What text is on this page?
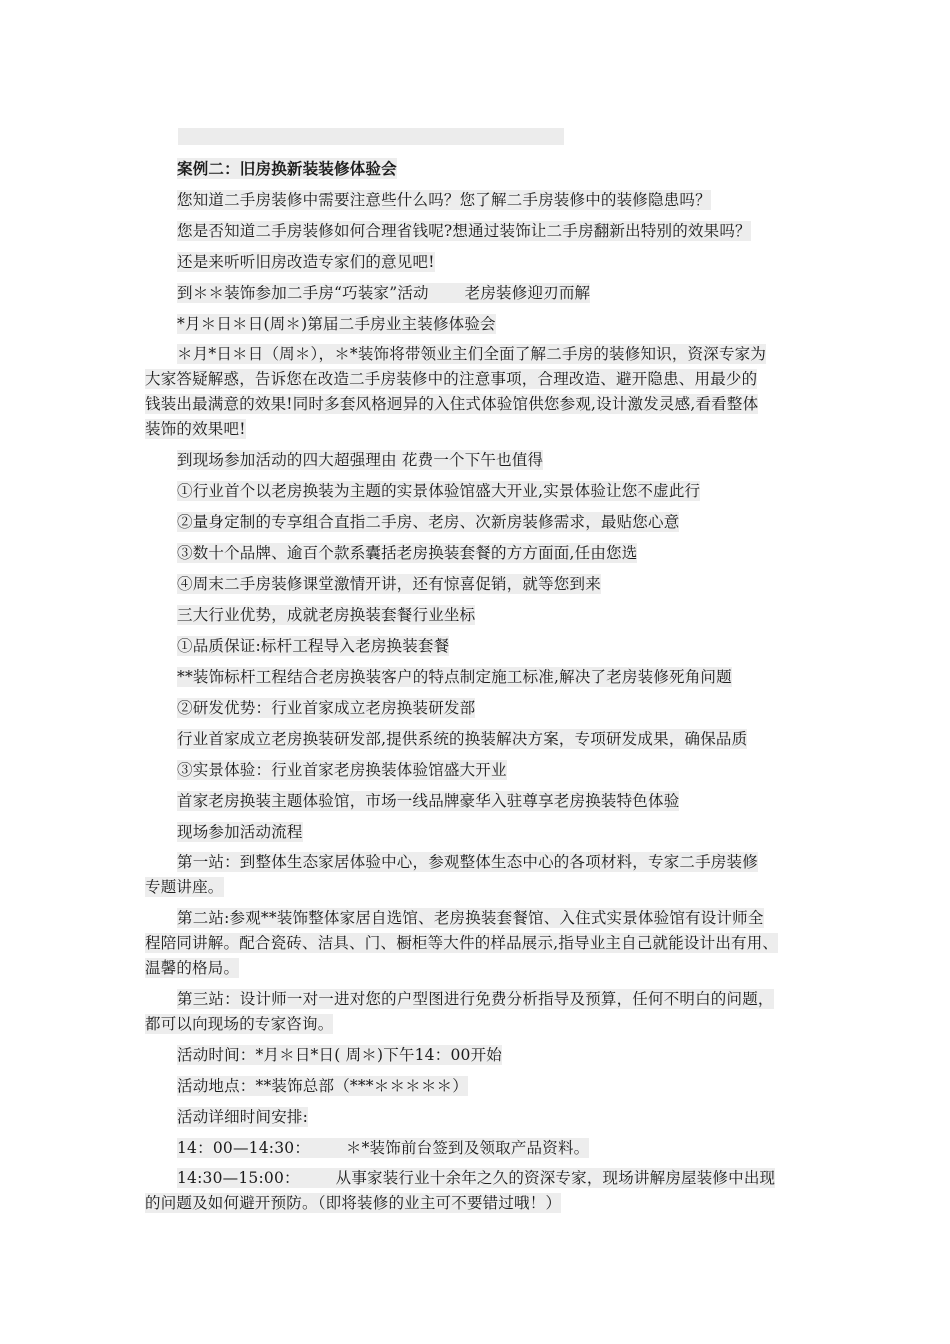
案例二：旧房换新装装修体验会
您知道二手房装修中需要注意些什么吗？您了解二手房装修中的装修隐患吗？
您是否知道二手房装修如何合理省钱呢?想通过装饰让二手房翻新出特别的效果吗？
还是来听听旧房改造专家们的意见吧!
到＊＊装饰参加二手房“巧装家”活动       老房装修迎刃而解
*月＊日＊日(周＊)第届二手房业主装修体验会
＊月*日＊日（周＊），＊*装饰将带领业主们全面了解二手房的装修知识，资深专家为
大家答疑解惑，告诉您在改造二手房装修中的注意事项，合理改造、避开隐患、用最少的
钱装出最满意的效果!同时多套风格迥异的入住式体验馆供您参观,设计激发灵感,看看整体
装饰的效果吧!
到现场参加活动的四大超强理由 花费一个下午也值得
①行业首个以老房换装为主题的实景体验馆盛大开业,实景体验让您不虚此行
②量身定制的专享组合直指二手房、老房、次新房装修需求，最贴您心意
③数十个品牌、逾百个款系囊括老房换装套餐的方方面面,任由您选
④周末二手房装修课堂激情开讲，还有惊喜促销，就等您到来
三大行业优势，成就老房换装套餐行业坐标
①品质保证:标杆工程导入老房换装套餐
**装饰标杆工程结合老房换装客户的特点制定施工标准,解决了老房装修死角问题
②研发优势：行业首家成立老房换装研发部
行业首家成立老房换装研发部,提供系统的换装解决方案，专项研发成果，确保品质
③实景体验：行业首家老房换装体验馆盛大开业
首家老房换装主题体验馆，市场一线品牌豪华入驻尊享老房换装特色体验
现场参加活动流程
第一站：到整体生态家居体验中心，参观整体生态中心的各项材料，专家二手房装修
专题讲座。
第二站:参观**装饰整体家居自选馆、老房换装套餐馆、入住式实景体验馆有设计师全
程陪同讲解。配合瓷砖、洁具、门、橱柜等大件的样品展示,指导业主自己就能设计出有用、
温馨的格局。
第三站：设计师一对一进对您的户型图进行免费分析指导及预算，任何不明白的问题，
都可以向现场的专家咨询。
活动时间：*月＊日*日( 周＊)下午14：00开始
活动地点：**装饰总部（***＊＊＊＊＊）
活动详细时间安排:
14：00—14:30：       ＊*装饰前台签到及领取产品资料。
14:30—15:00：       从事家装行业十余年之久的资深专家，现场讲解房屋装修中出现
的问题及如何避开预防。（即将装修的业主可不要错过哦！）
